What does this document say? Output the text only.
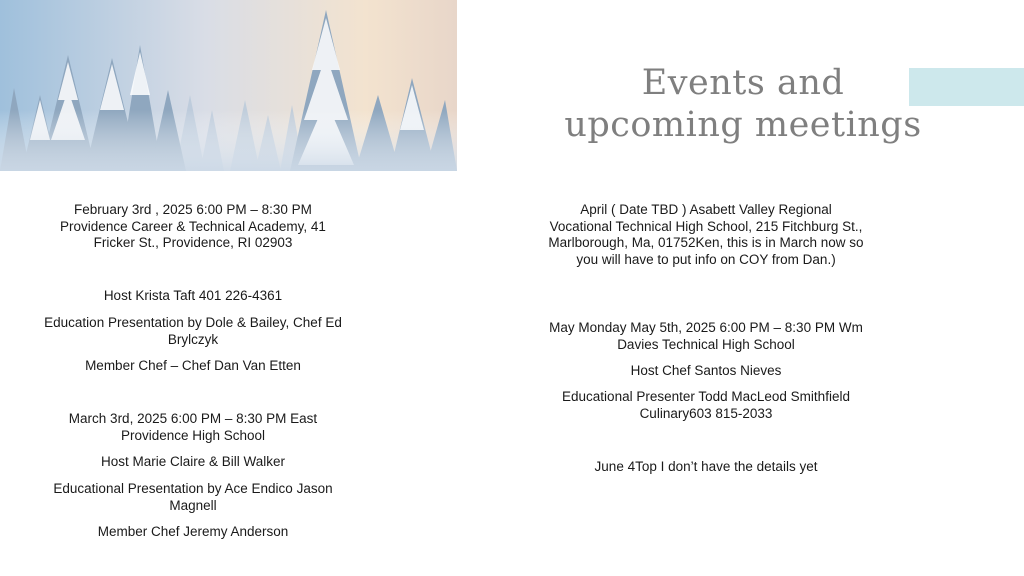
Events and upcoming meetings

February 3rd , 2025 6:00 PM – 8:30 PM Providence Career & Technical Academy, 41 Fricker St., Providence, RI 02903

Host Krista Taft 401 226-4361

Education Presentation by Dole & Bailey, Chef Ed Brylczyk

Member Chef – Chef Dan Van Etten

March 3rd, 2025 6:00 PM – 8:30 PM East Providence High School

Host Marie Claire & Bill Walker

Educational Presentation by Ace Endico Jason Magnell

Member Chef Jeremy Anderson

April ( Date TBD ) Asabett Valley Regional Vocational Technical High School, 215 Fitchburg St., Marlborough, Ma, 01752Ken, this is in March now so you will have to put info on COY from Dan.)

May Monday May 5th, 2025 6:00 PM – 8:30 PM Wm Davies Technical High School

Host Chef Santos Nieves

Educational Presenter Todd MacLeod Smithfield Culinary603 815-2033

June 4Top I don’t have the details yet
